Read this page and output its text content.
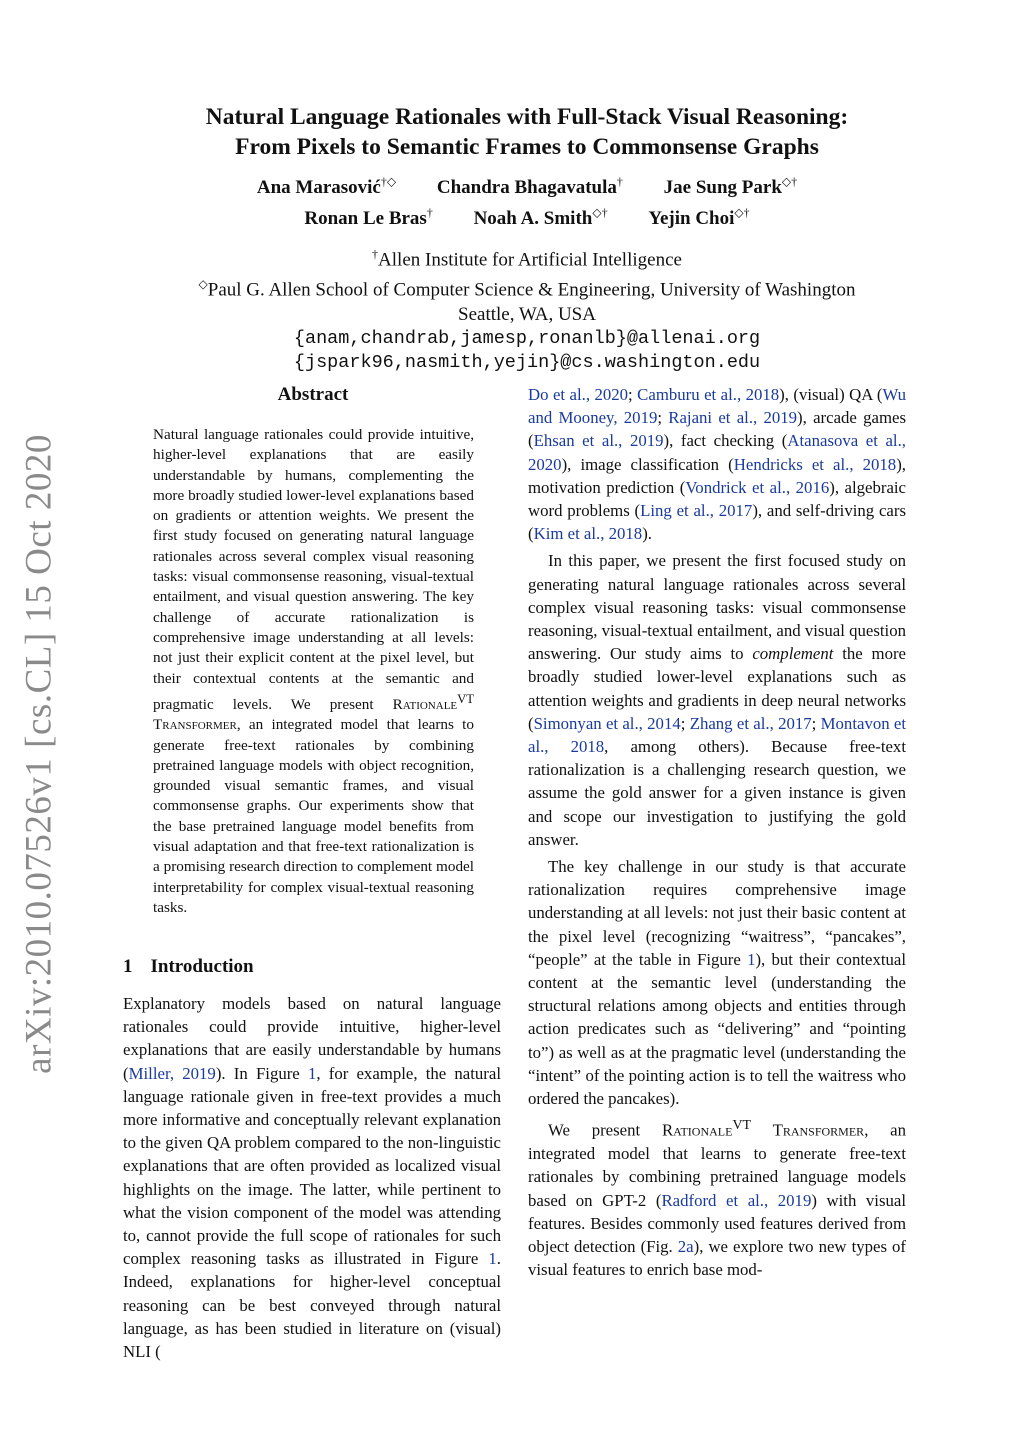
arXiv:2010.07526v1 [cs.CL] 15 Oct 2020
Natural Language Rationales with Full-Stack Visual Reasoning:
From Pixels to Semantic Frames to Commonsense Graphs
Ana Marasović†◇ Chandra Bhagavatula† Jae Sung Park◇†
Ronan Le Bras† Noah A. Smith◇† Yejin Choi◇†
†Allen Institute for Artificial Intelligence
◇Paul G. Allen School of Computer Science & Engineering, University of Washington
Seattle, WA, USA
{anam,chandrab,jamesp,ronanlb}@allenai.org
{jspark96,nasmith,yejin}@cs.washington.edu
Abstract

Natural language rationales could provide intuitive, higher-level explanations that are easily understandable by humans, complementing the more broadly studied lower-level explanations based on gradients or attention weights. We present the first study focused on generating natural language rationales across several complex visual reasoning tasks: visual commonsense reasoning, visual-textual entailment, and visual question answering. The key challenge of accurate rationalization is comprehensive image understanding at all levels: not just their explicit content at the pixel level, but their contextual contents at the semantic and pragmatic levels. We present Rationale$^{VT}$ Transformer, an integrated model that learns to generate free-text rationales by combining pretrained language models with object recognition, grounded visual semantic frames, and visual commonsense graphs. Our experiments show that the base pretrained language model benefits from visual adaptation and that free-text rationalization is a promising research direction to complement model interpretability for complex visual-textual reasoning tasks.

1 Introduction

Explanatory models based on natural language rationales could provide intuitive, higher-level explanations that are easily understandable by humans (Miller, 2019). In Figure 1, for example, the natural language rationale given in free-text provides a much more informative and conceptually relevant explanation to the given QA problem compared to the non-linguistic explanations that are often provided as localized visual highlights on the image. The latter, while pertinent to what the vision component of the model was attending to, cannot provide the full scope of rationales for such complex reasoning tasks as illustrated in Figure 1. Indeed, explanations for higher-level conceptual reasoning can be best conveyed through natural language, as has been studied in literature on (visual) NLI (

Do et al., 2020; Camburu et al., 2018), (visual) QA (Wu and Mooney, 2019; Rajani et al., 2019), arcade games (Ehsan et al., 2019), fact checking (Atanasova et al., 2020), image classification (Hendricks et al., 2018), motivation prediction (Vondrick et al., 2016), algebraic word problems (Ling et al., 2017), and self-driving cars (Kim et al., 2018).

In this paper, we present the first focused study on generating natural language rationales across several complex visual reasoning tasks: visual commonsense reasoning, visual-textual entailment, and visual question answering. Our study aims to complement the more broadly studied lower-level explanations such as attention weights and gradients in deep neural networks (Simonyan et al., 2014; Zhang et al., 2017; Montavon et al., 2018, among others). Because free-text rationalization is a challenging research question, we assume the gold answer for a given instance is given and scope our investigation to justifying the gold answer.

The key challenge in our study is that accurate rationalization requires comprehensive image understanding at all levels: not just their basic content at the pixel level (recognizing “waitress”, “pancakes”, “people” at the table in Figure 1), but their contextual content at the semantic level (understanding the structural relations among objects and entities through action predicates such as “delivering” and “pointing to”) as well as at the pragmatic level (understanding the “intent” of the pointing action is to tell the waitress who ordered the pancakes).

We present Rationale$^{VT}$ Transformer, an integrated model that learns to generate free-text rationales by combining pretrained language models based on GPT-2 (Radford et al., 2019) with visual features. Besides commonly used features derived from object detection (Fig. 2a), we explore two new types of visual features to enrich base mod-
